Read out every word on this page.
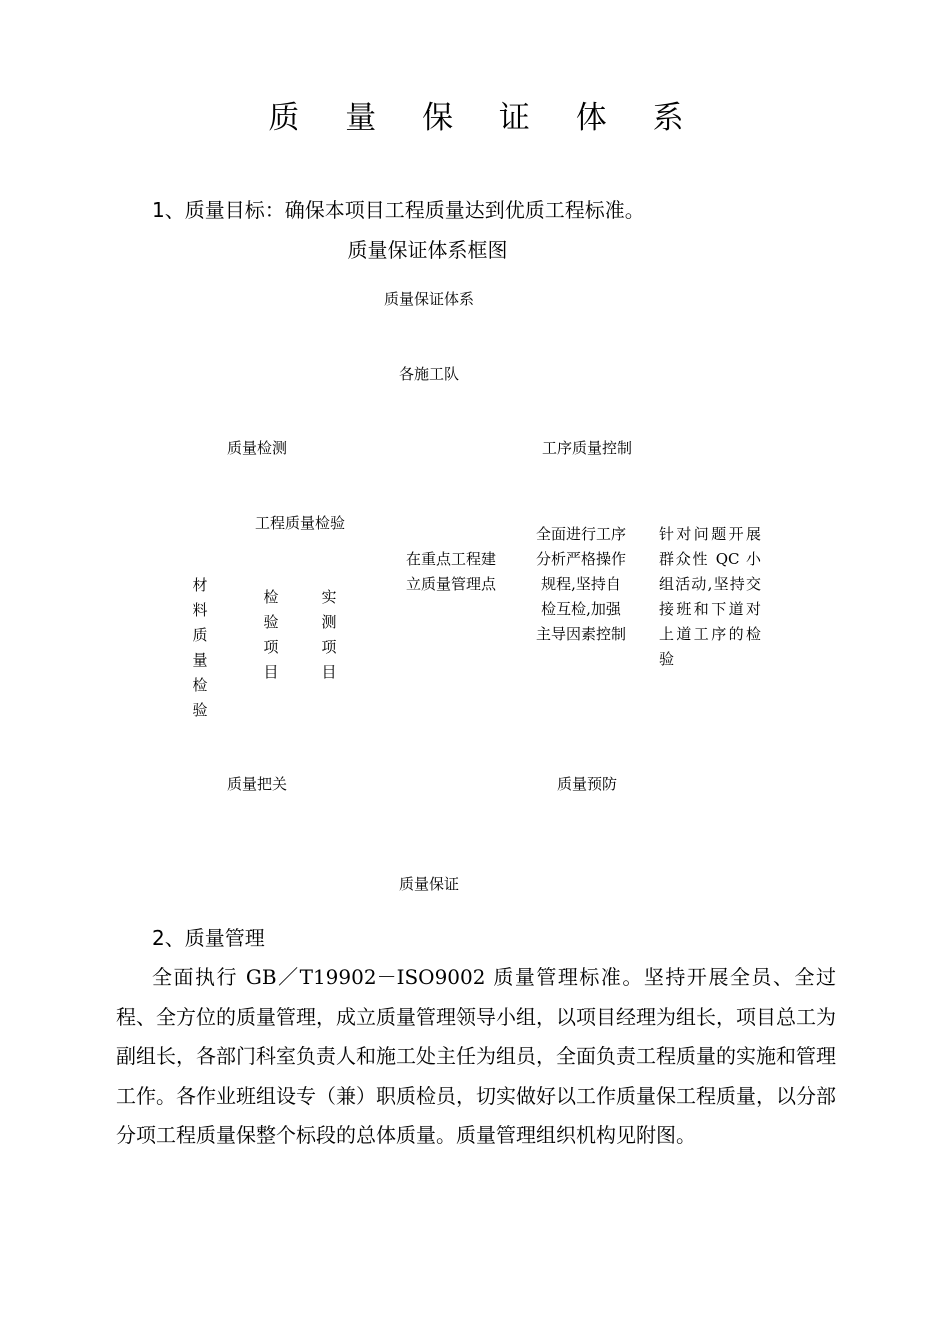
质 量 保 证 体 系
1、质量目标：确保本项目工程质量达到优质工程标准。
质量保证体系框图
质量保证体系
各施工队
质量检测	工序质量控制
工程质量检验
材料质量检验
检验项目
实测项目
在重点工程建立质量管理点
全面进行工序分析严格操作规程,坚持自检互检,加强主导因素控制
针对问题开展群众性 QC 小组活动,坚持交接班和下道对上道工序的检验
质量把关	质量预防
质量保证
2、质量管理
全面执行 GB／T19902－ISO9002 质量管理标准。坚持开展全员、全过程、全方位的质量管理，成立质量管理领导小组，以项目经理为组长，项目总工为副组长，各部门科室负责人和施工处主任为组员，全面负责工程质量的实施和管理工作。各作业班组设专（兼）职质检员，切实做好以工作质量保工程质量，以分部分项工程质量保整个标段的总体质量。质量管理组织机构见附图。
